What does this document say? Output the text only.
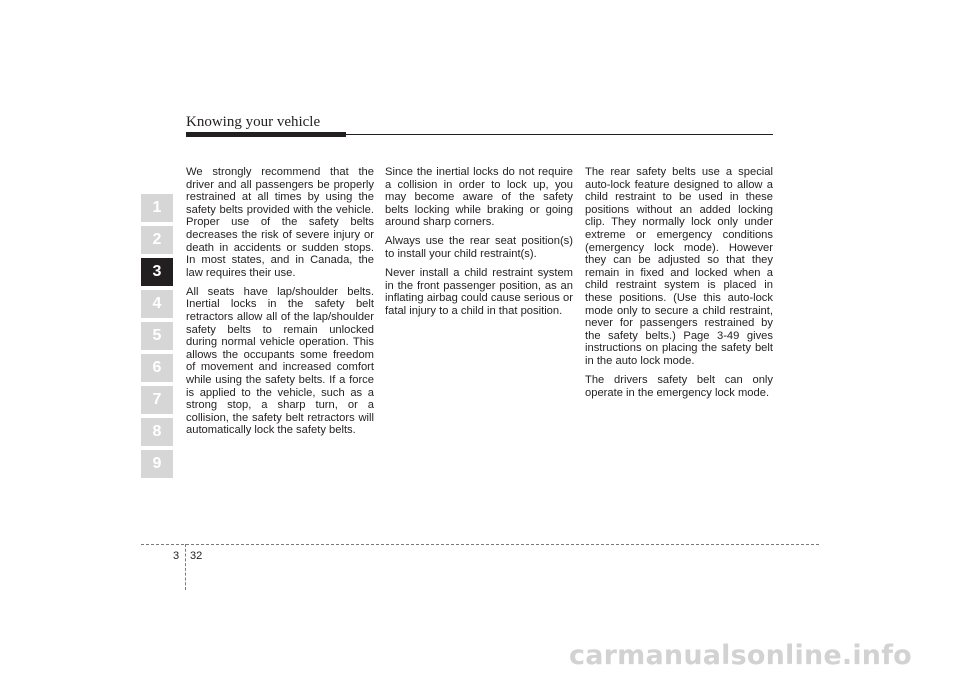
Knowing your vehicle
1
2
3
4
5
6
7
8
9

We strongly recommend that the driver and all passengers be properly restrained at all times by using the safety belts provided with the vehicle. Proper use of the safety belts decreases the risk of severe injury or death in accidents or sudden stops. In most states, and in Canada, the law requires their use.

All seats have lap/shoulder belts. Inertial locks in the safety belt retractors allow all of the lap/shoulder safety belts to remain unlocked during normal vehicle operation. This allows the occupants some freedom of movement and increased comfort while using the safety belts. If a force is applied to the vehicle, such as a strong stop, a sharp turn, or a collision, the safety belt retractors will automatically lock the safety belts.

Since the inertial locks do not require a collision in order to lock up, you may become aware of the safety belts locking while braking or going around sharp corners.

Always use the rear seat position(s) to install your child restraint(s).

Never install a child restraint system in the front passenger position, as an inflating airbag could cause serious or fatal injury to a child in that position.

The rear safety belts use a special auto-lock feature designed to allow a child restraint to be used in these positions without an added locking clip. They normally lock only under extreme or emergency conditions (emergency lock mode). However they can be adjusted so that they remain in fixed and locked when a child restraint system is placed in these positions. (Use this auto-lock mode only to secure a child restraint, never for passengers restrained by the safety belts.) Page 3-49 gives instructions on placing the safety belt in the auto lock mode.

The drivers safety belt can only operate in the emergency lock mode.

3 32
carmanualsonline.info
